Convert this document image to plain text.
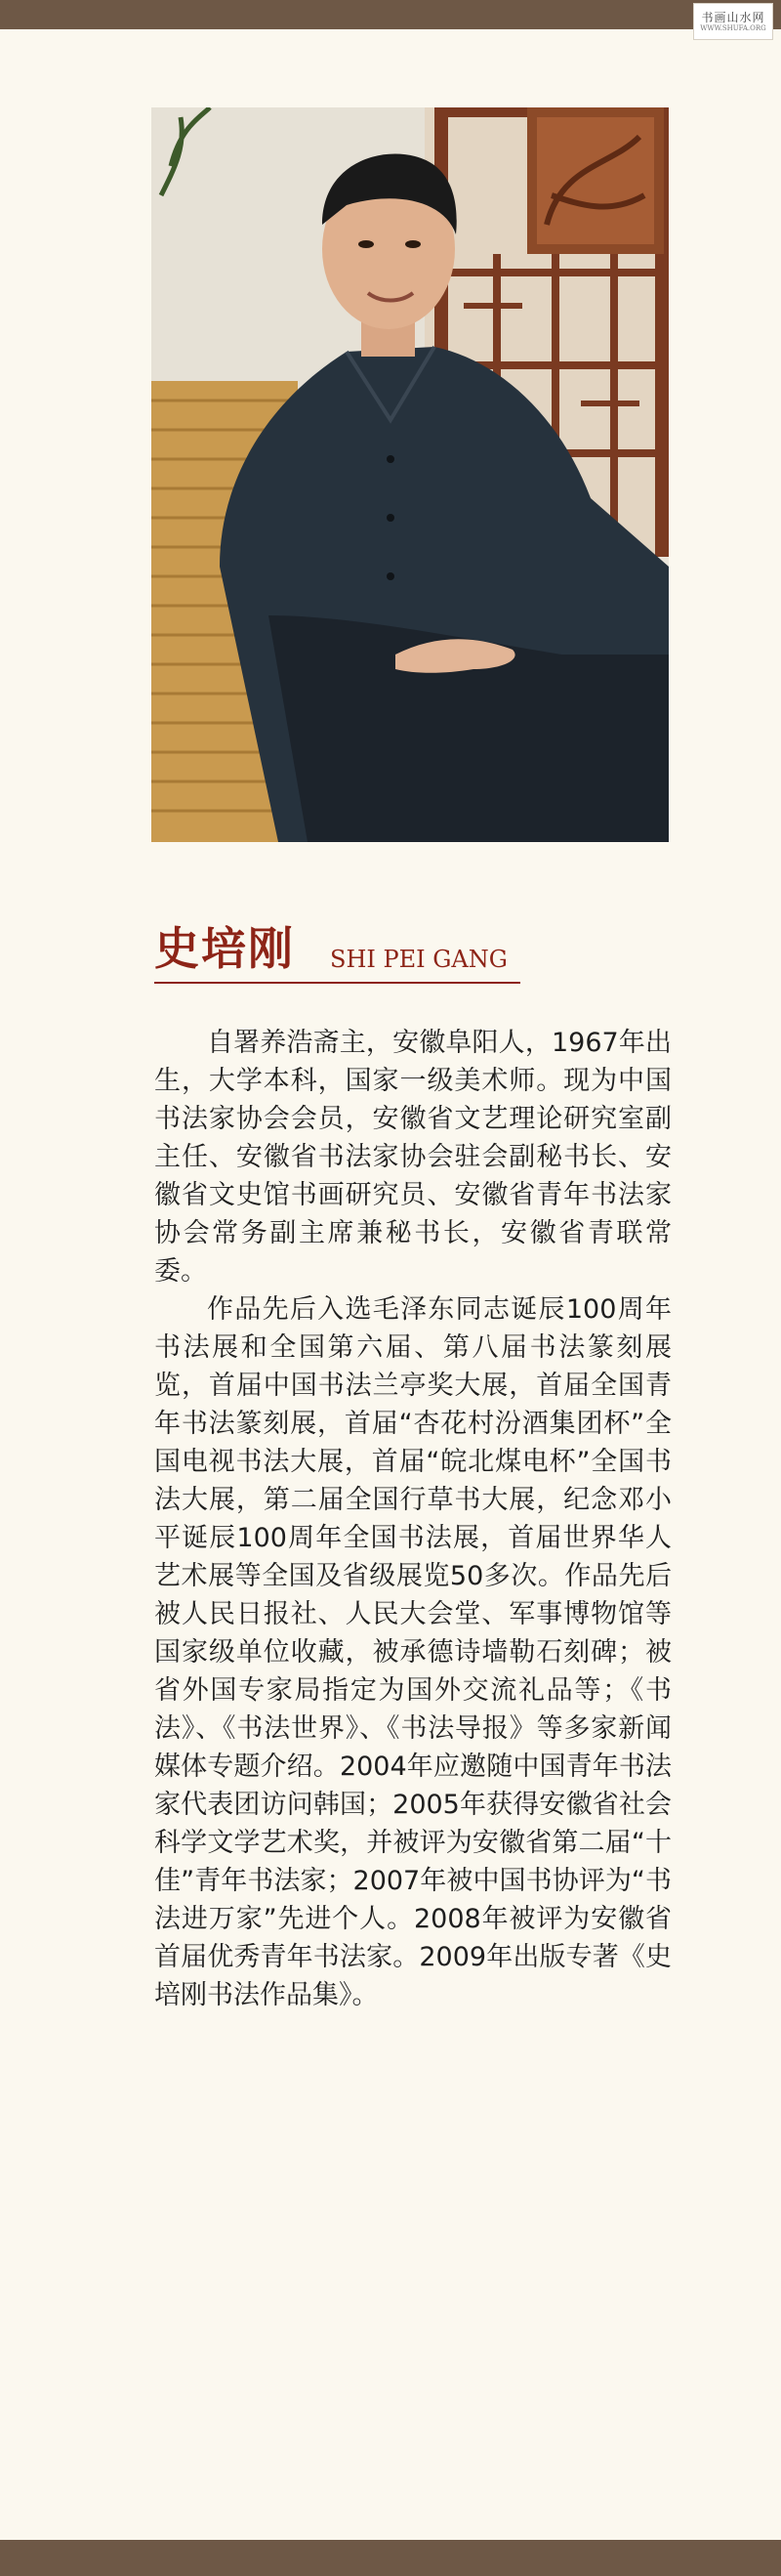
书画山水网
WWW.SHUFA.ORG
史培刚 SHI PEI GANG

自署养浩斋主，安徽阜阳人，1967年出生，大学本科，国家一级美术师。现为中国书法家协会会员，安徽省文艺理论研究室副主任、安徽省书法家协会驻会副秘书长、安徽省文史馆书画研究员、安徽省青年书法家协会常务副主席兼秘书长，安徽省青联常委。

作品先后入选毛泽东同志诞辰100周年书法展和全国第六届、第八届书法篆刻展览，首届中国书法兰亭奖大展，首届全国青年书法篆刻展，首届“杏花村汾酒集团杯”全国电视书法大展，首届“皖北煤电杯”全国书法大展，第二届全国行草书大展，纪念邓小平诞辰100周年全国书法展，首届世界华人艺术展等全国及省级展览50多次。作品先后被人民日报社、人民大会堂、军事博物馆等国家级单位收藏，被承德诗墙勒石刻碑；被省外国专家局指定为国外交流礼品等；《书法》、《书法世界》、《书法导报》等多家新闻媒体专题介绍。2004年应邀随中国青年书法家代表团访问韩国；2005年获得安徽省社会科学文学艺术奖，并被评为安徽省第二届“十佳”青年书法家；2007年被中国书协评为“书法进万家”先进个人。2008年被评为安徽省首届优秀青年书法家。2009年出版专著《史培刚书法作品集》。
